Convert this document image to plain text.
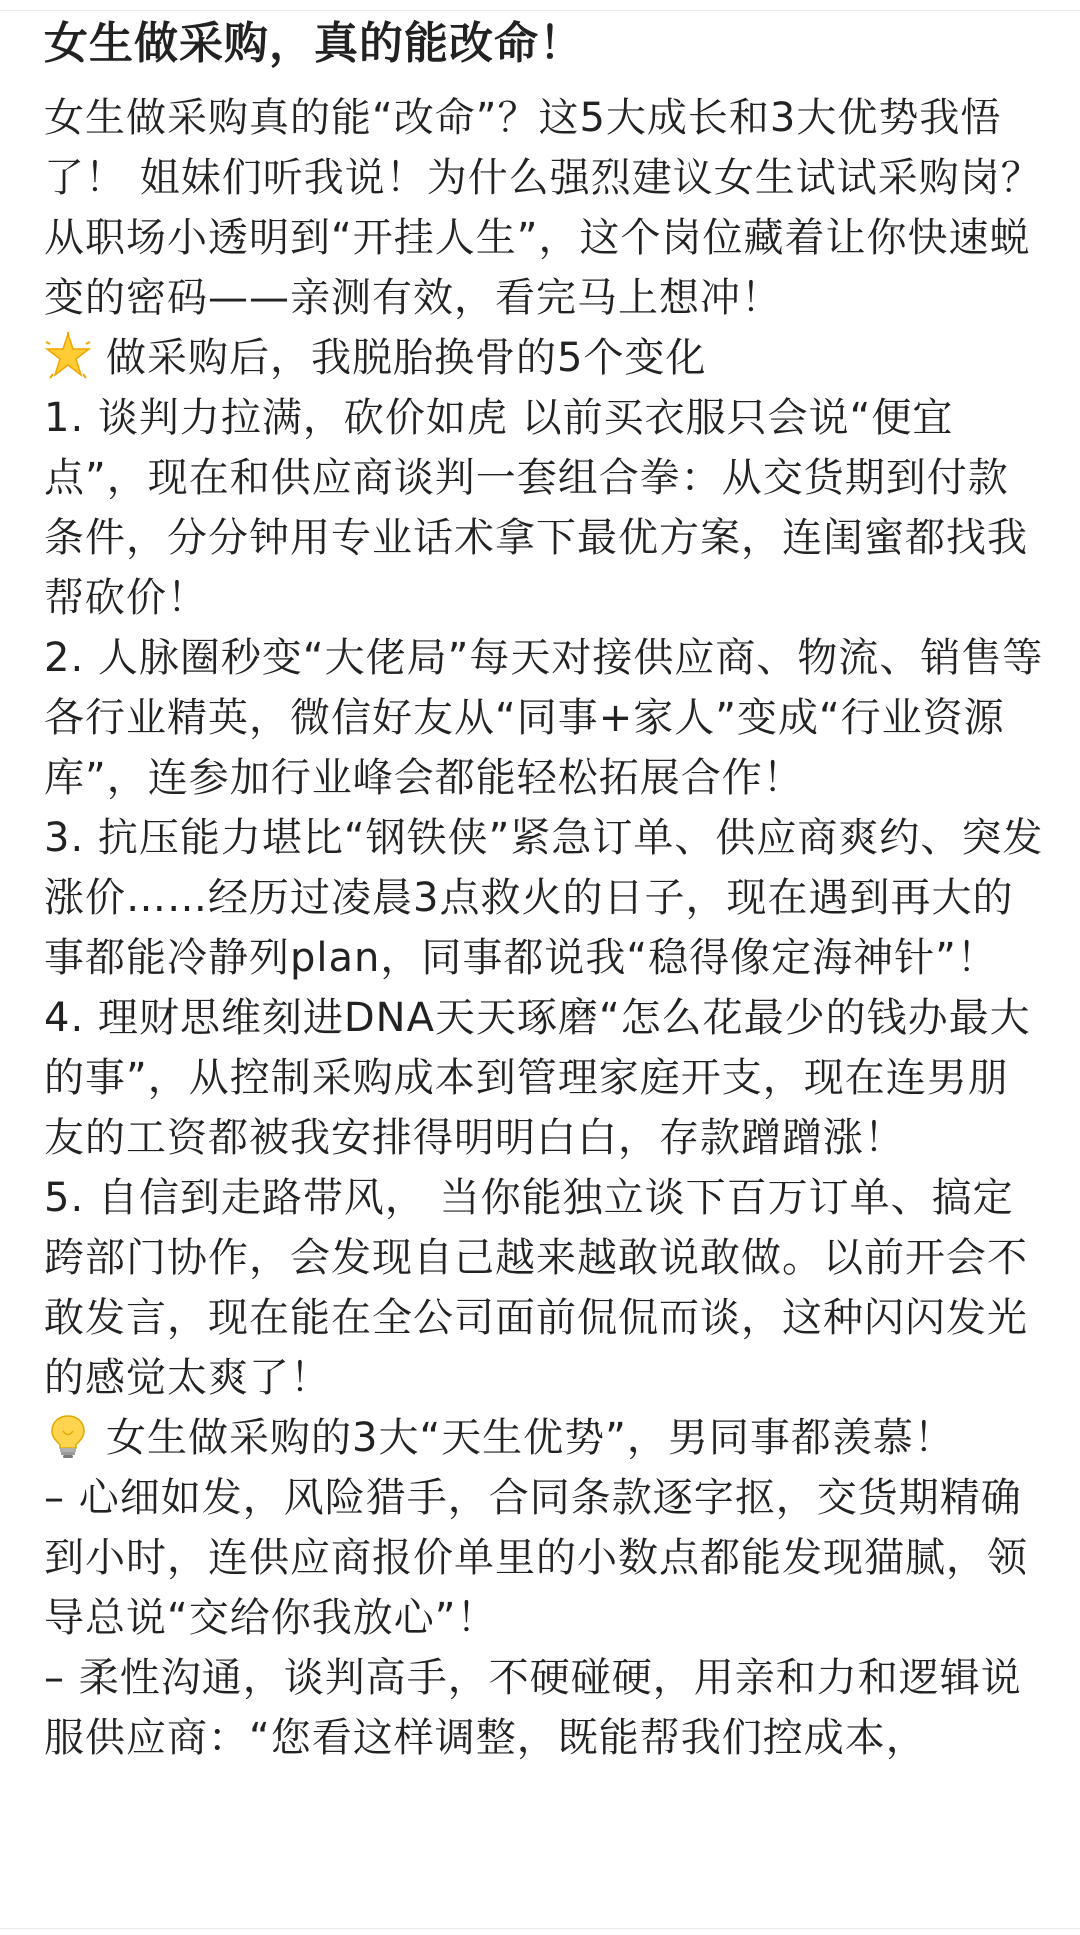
女生做采购，真的能改命！

女生做采购真的能“改命”？这5大成长和3大优势我悟了！ 姐妹们听我说！为什么强烈建议女生试试采购岗？从职场小透明到“开挂人生”，这个岗位藏着让你快速蜕变的密码——亲测有效，看完马上想冲！

做采购后，我脱胎换骨的5个变化

1. 谈判力拉满，砍价如虎 以前买衣服只会说“便宜点”，现在和供应商谈判一套组合拳：从交货期到付款条件，分分钟用专业话术拿下最优方案，连闺蜜都找我帮砍价！

2. 人脉圈秒变“大佬局”每天对接供应商、物流、销售等各行业精英，微信好友从“同事+家人”变成“行业资源库”，连参加行业峰会都能轻松拓展合作！

3. 抗压能力堪比“钢铁侠”紧急订单、供应商爽约、突发涨价……经历过凌晨3点救火的日子，现在遇到再大的事都能冷静列plan，同事都说我“稳得像定海神针”！

4. 理财思维刻进DNA天天琢磨“怎么花最少的钱办最大的事”，从控制采购成本到管理家庭开支，现在连男朋友的工资都被我安排得明明白白，存款蹭蹭涨！

5. 自信到走路带风， 当你能独立谈下百万订单、搞定跨部门协作，会发现自己越来越敢说敢做。以前开会不敢发言，现在能在全公司面前侃侃而谈，这种闪闪发光的感觉太爽了！

女生做采购的3大“天生优势”，男同事都羡慕！

– 心细如发，风险猎手，合同条款逐字抠，交货期精确到小时，连供应商报价单里的小数点都能发现猫腻，领导总说“交给你我放心”！

– 柔性沟通，谈判高手，不硬碰硬，用亲和力和逻辑说服供应商：“您看这样调整，既能帮我们控成本，
